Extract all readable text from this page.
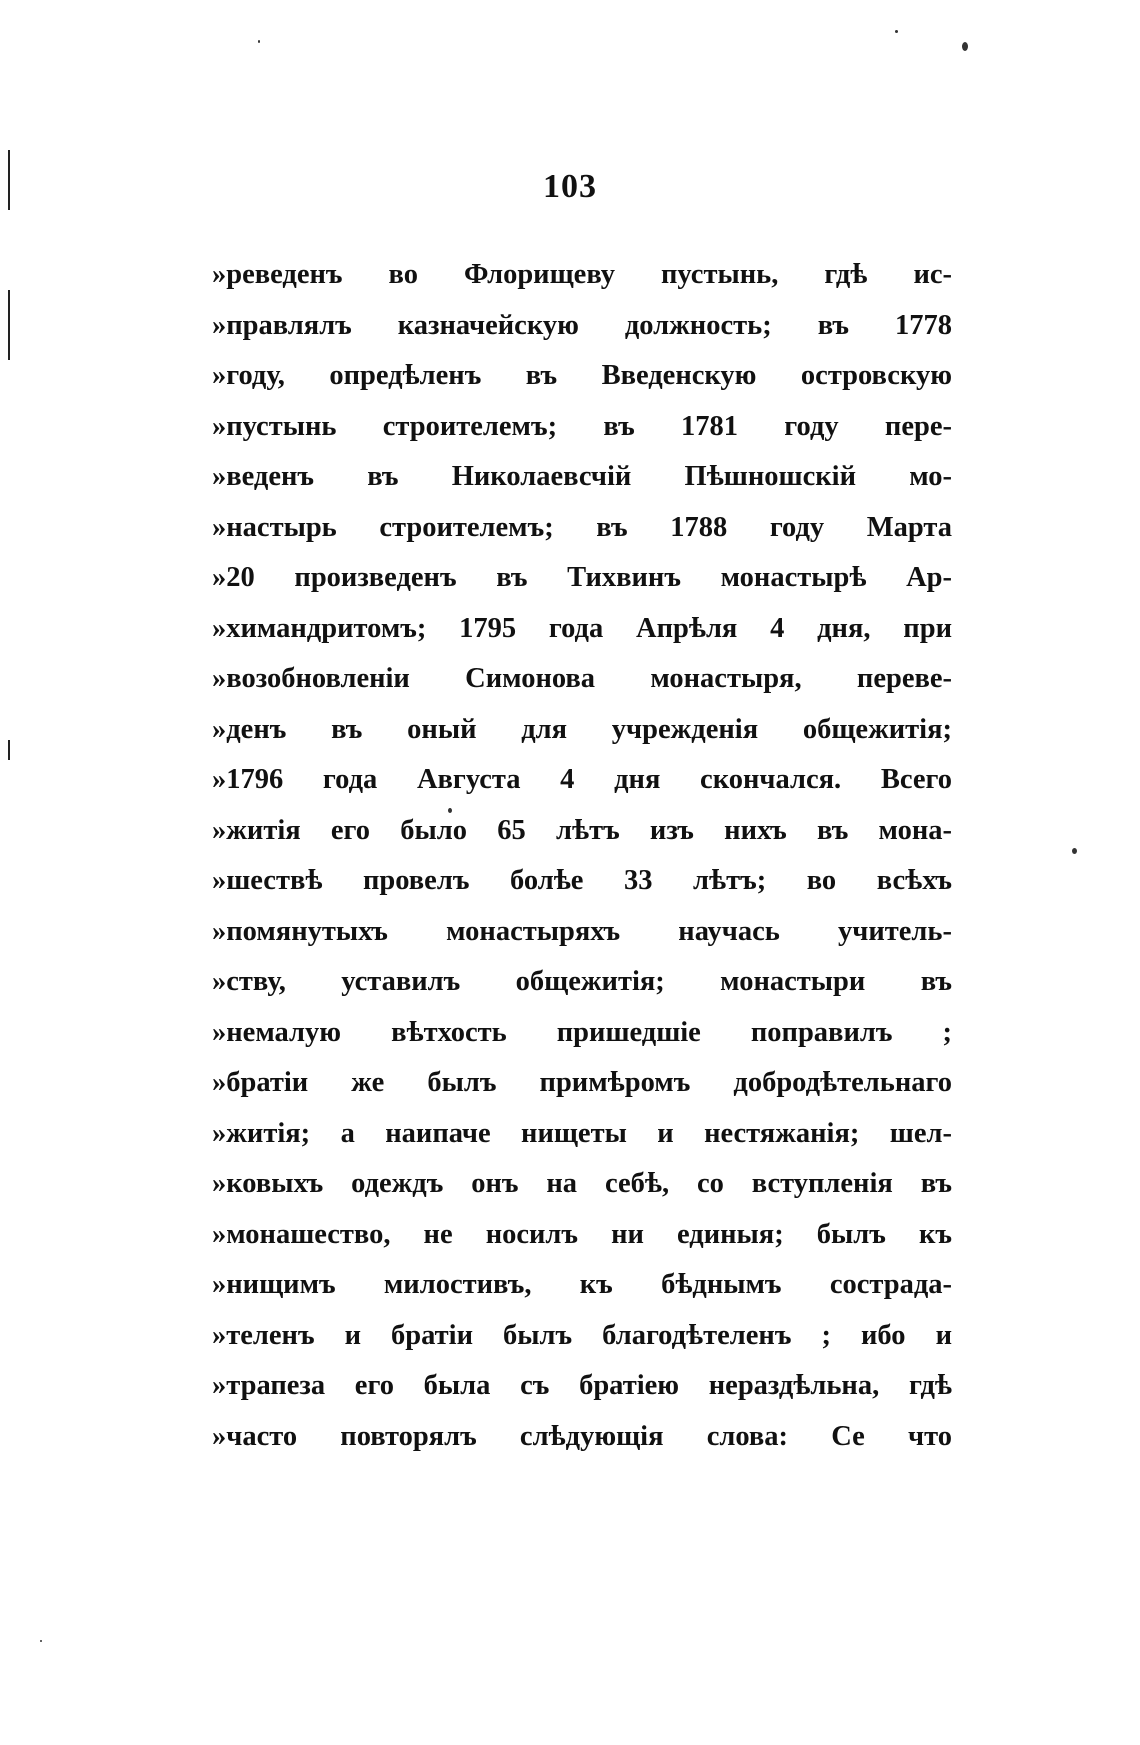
103
»реведенъ во Флорищеву пустынь, гдѣ ис-
»правлялъ казначейскую должность; въ 1778
»году, опредѣленъ въ Введенскую островскую
»пустынь строителемъ; въ 1781 году пере-
»веденъ въ Николаевсчій Пѣшношскій мо-
»настырь строителемъ; въ 1788 году Марта
»20 произведенъ въ Тихвинъ монастырѣ Ар-
»химандритомъ; 1795 года Апрѣля 4 дня, при
»возобновленіи Симонова монастыря, переве-
»денъ въ оный для учрежденія общежитія;
»1796 года Августа 4 дня скончался. Всего
»житія его было 65 лѣтъ изъ нихъ въ мона-
»шествѣ провелъ болѣе 33 лѣтъ; во всѣхъ
»помянутыхъ монастыряхъ научась учитель-
»ству, уставилъ общежитія; монастыри въ
»немалую вѣтхость пришедшіе поправилъ ;
»братіи же былъ примѣромъ добродѣтельнаго
»житія; а наипаче нищеты и нестяжанія; шел-
»ковыхъ одеждъ онъ на себѣ, со вступленія въ
»монашество, не носилъ ни единыя; былъ къ
»нищимъ милостивъ, къ бѣднымъ сострада-
»теленъ и братіи былъ благодѣтеленъ ; ибо и
»трапеза его была съ братіею нераздѣльна, гдѣ
»часто повторялъ слѣдующія слова: Се что
